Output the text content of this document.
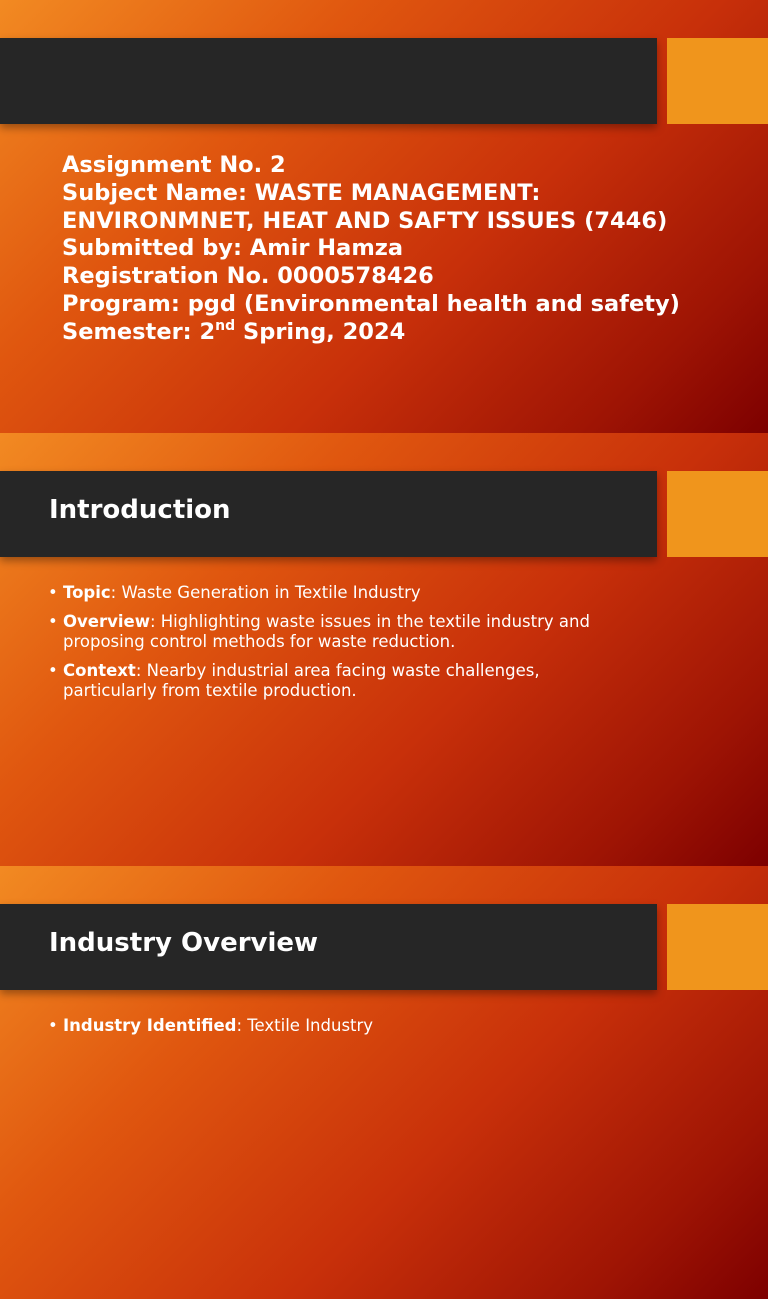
Assignment No. 2
Subject Name: WASTE MANAGEMENT:
ENVIRONMNET, HEAT AND SAFTY ISSUES (7446)
Submitted by: Amir Hamza
Registration No. 0000578426
Program: pgd (Environmental health and safety)
Semester: 2nd Spring, 2024
Introduction
• Topic: Waste Generation in Textile Industry
• Overview: Highlighting waste issues in the textile industry and proposing control methods for waste reduction.
• Context: Nearby industrial area facing waste challenges, particularly from textile production.
Industry Overview
• Industry Identified: Textile Industry
